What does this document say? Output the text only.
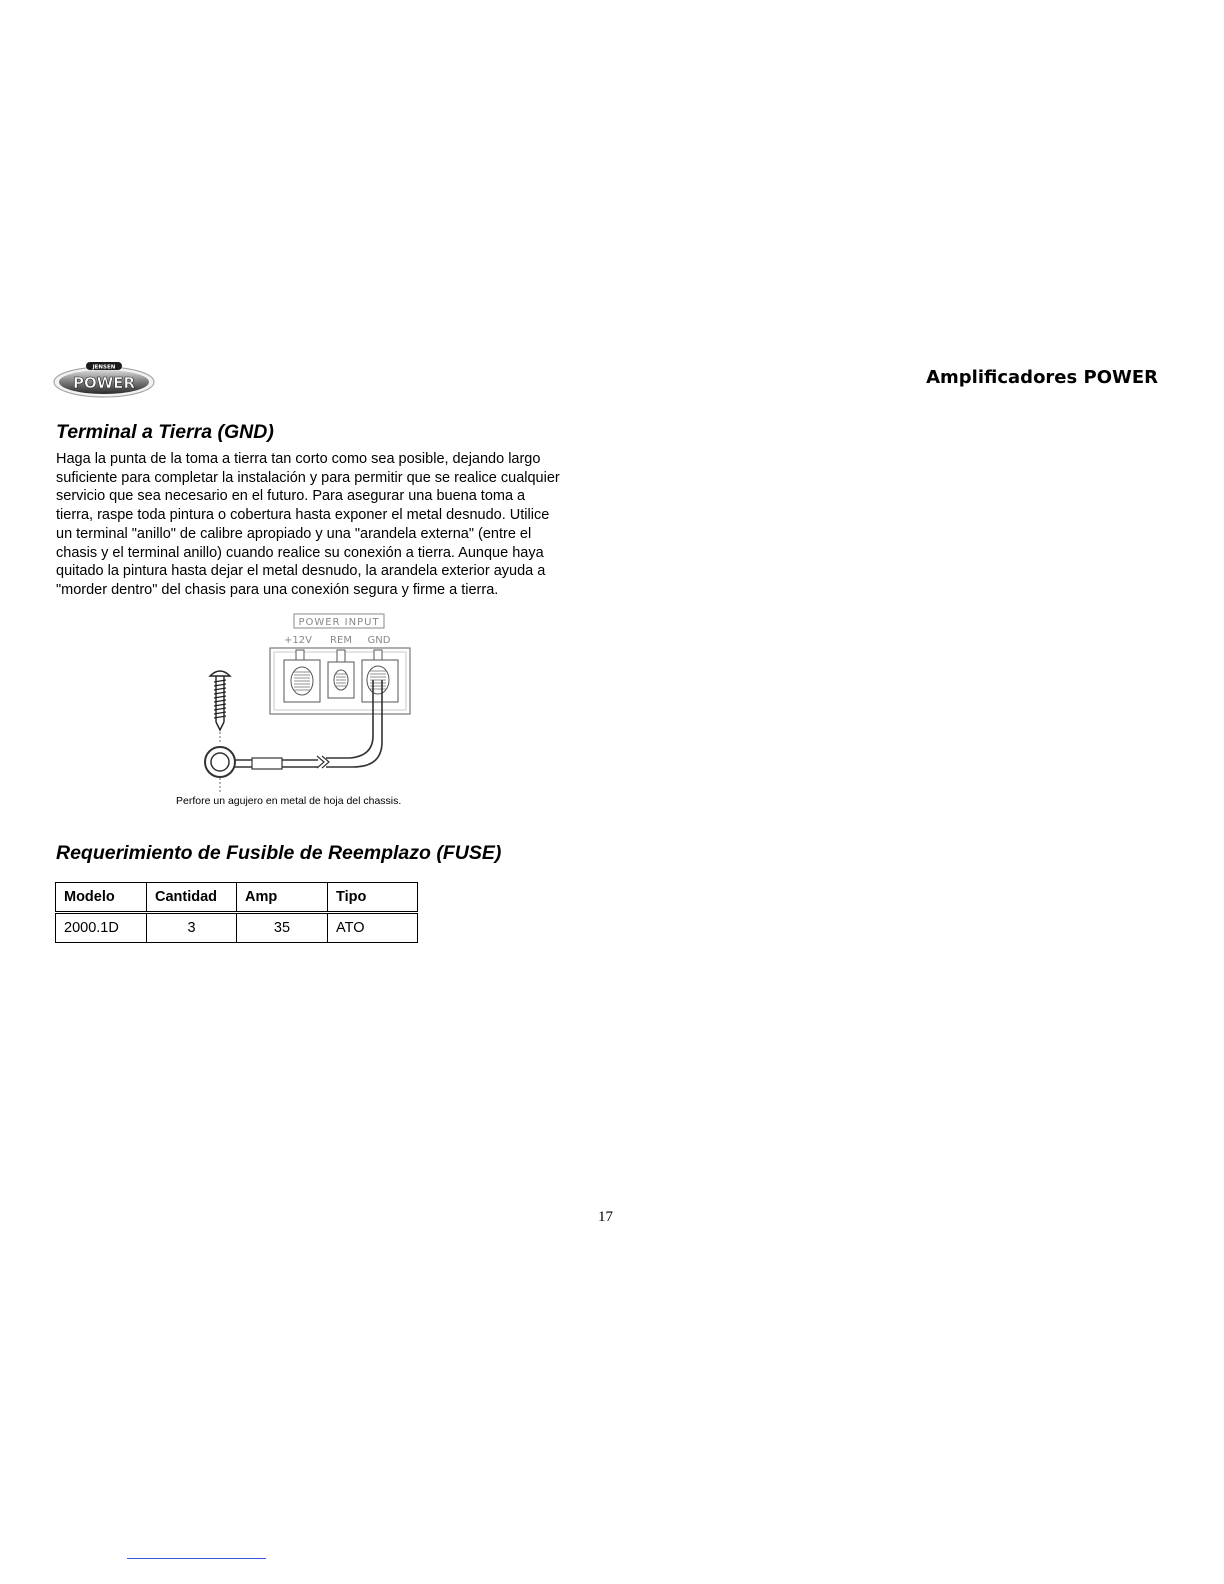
JENSEN
POWER	Amplificadores POWER
Terminal a Tierra (GND)
Haga la punta de la toma a tierra tan corto como sea posible, dejando largo
suficiente para completar la instalación y para permitir que se realice cualquier
servicio que sea necesario en el futuro. Para asegurar una buena toma a
tierra, raspe toda pintura o cobertura hasta exponer el metal desnudo. Utilice
un terminal "anillo" de calibre apropiado y una "arandela externa" (entre el
chasis y el terminal anillo) cuando realice su conexión a tierra. Aunque haya
quitado la pintura hasta dejar el metal desnudo, la arandela exterior ayuda a
"morder dentro" del chasis para una conexión segura y firme a tierra.
POWER INPUT
+12V REM GND
Perfore un agujero en metal de hoja del chassis.
Requerimiento de Fusible de Reemplazo (FUSE)
Modelo	Cantidad	Amp	Tipo
2000.1D	3	35	ATO
17
